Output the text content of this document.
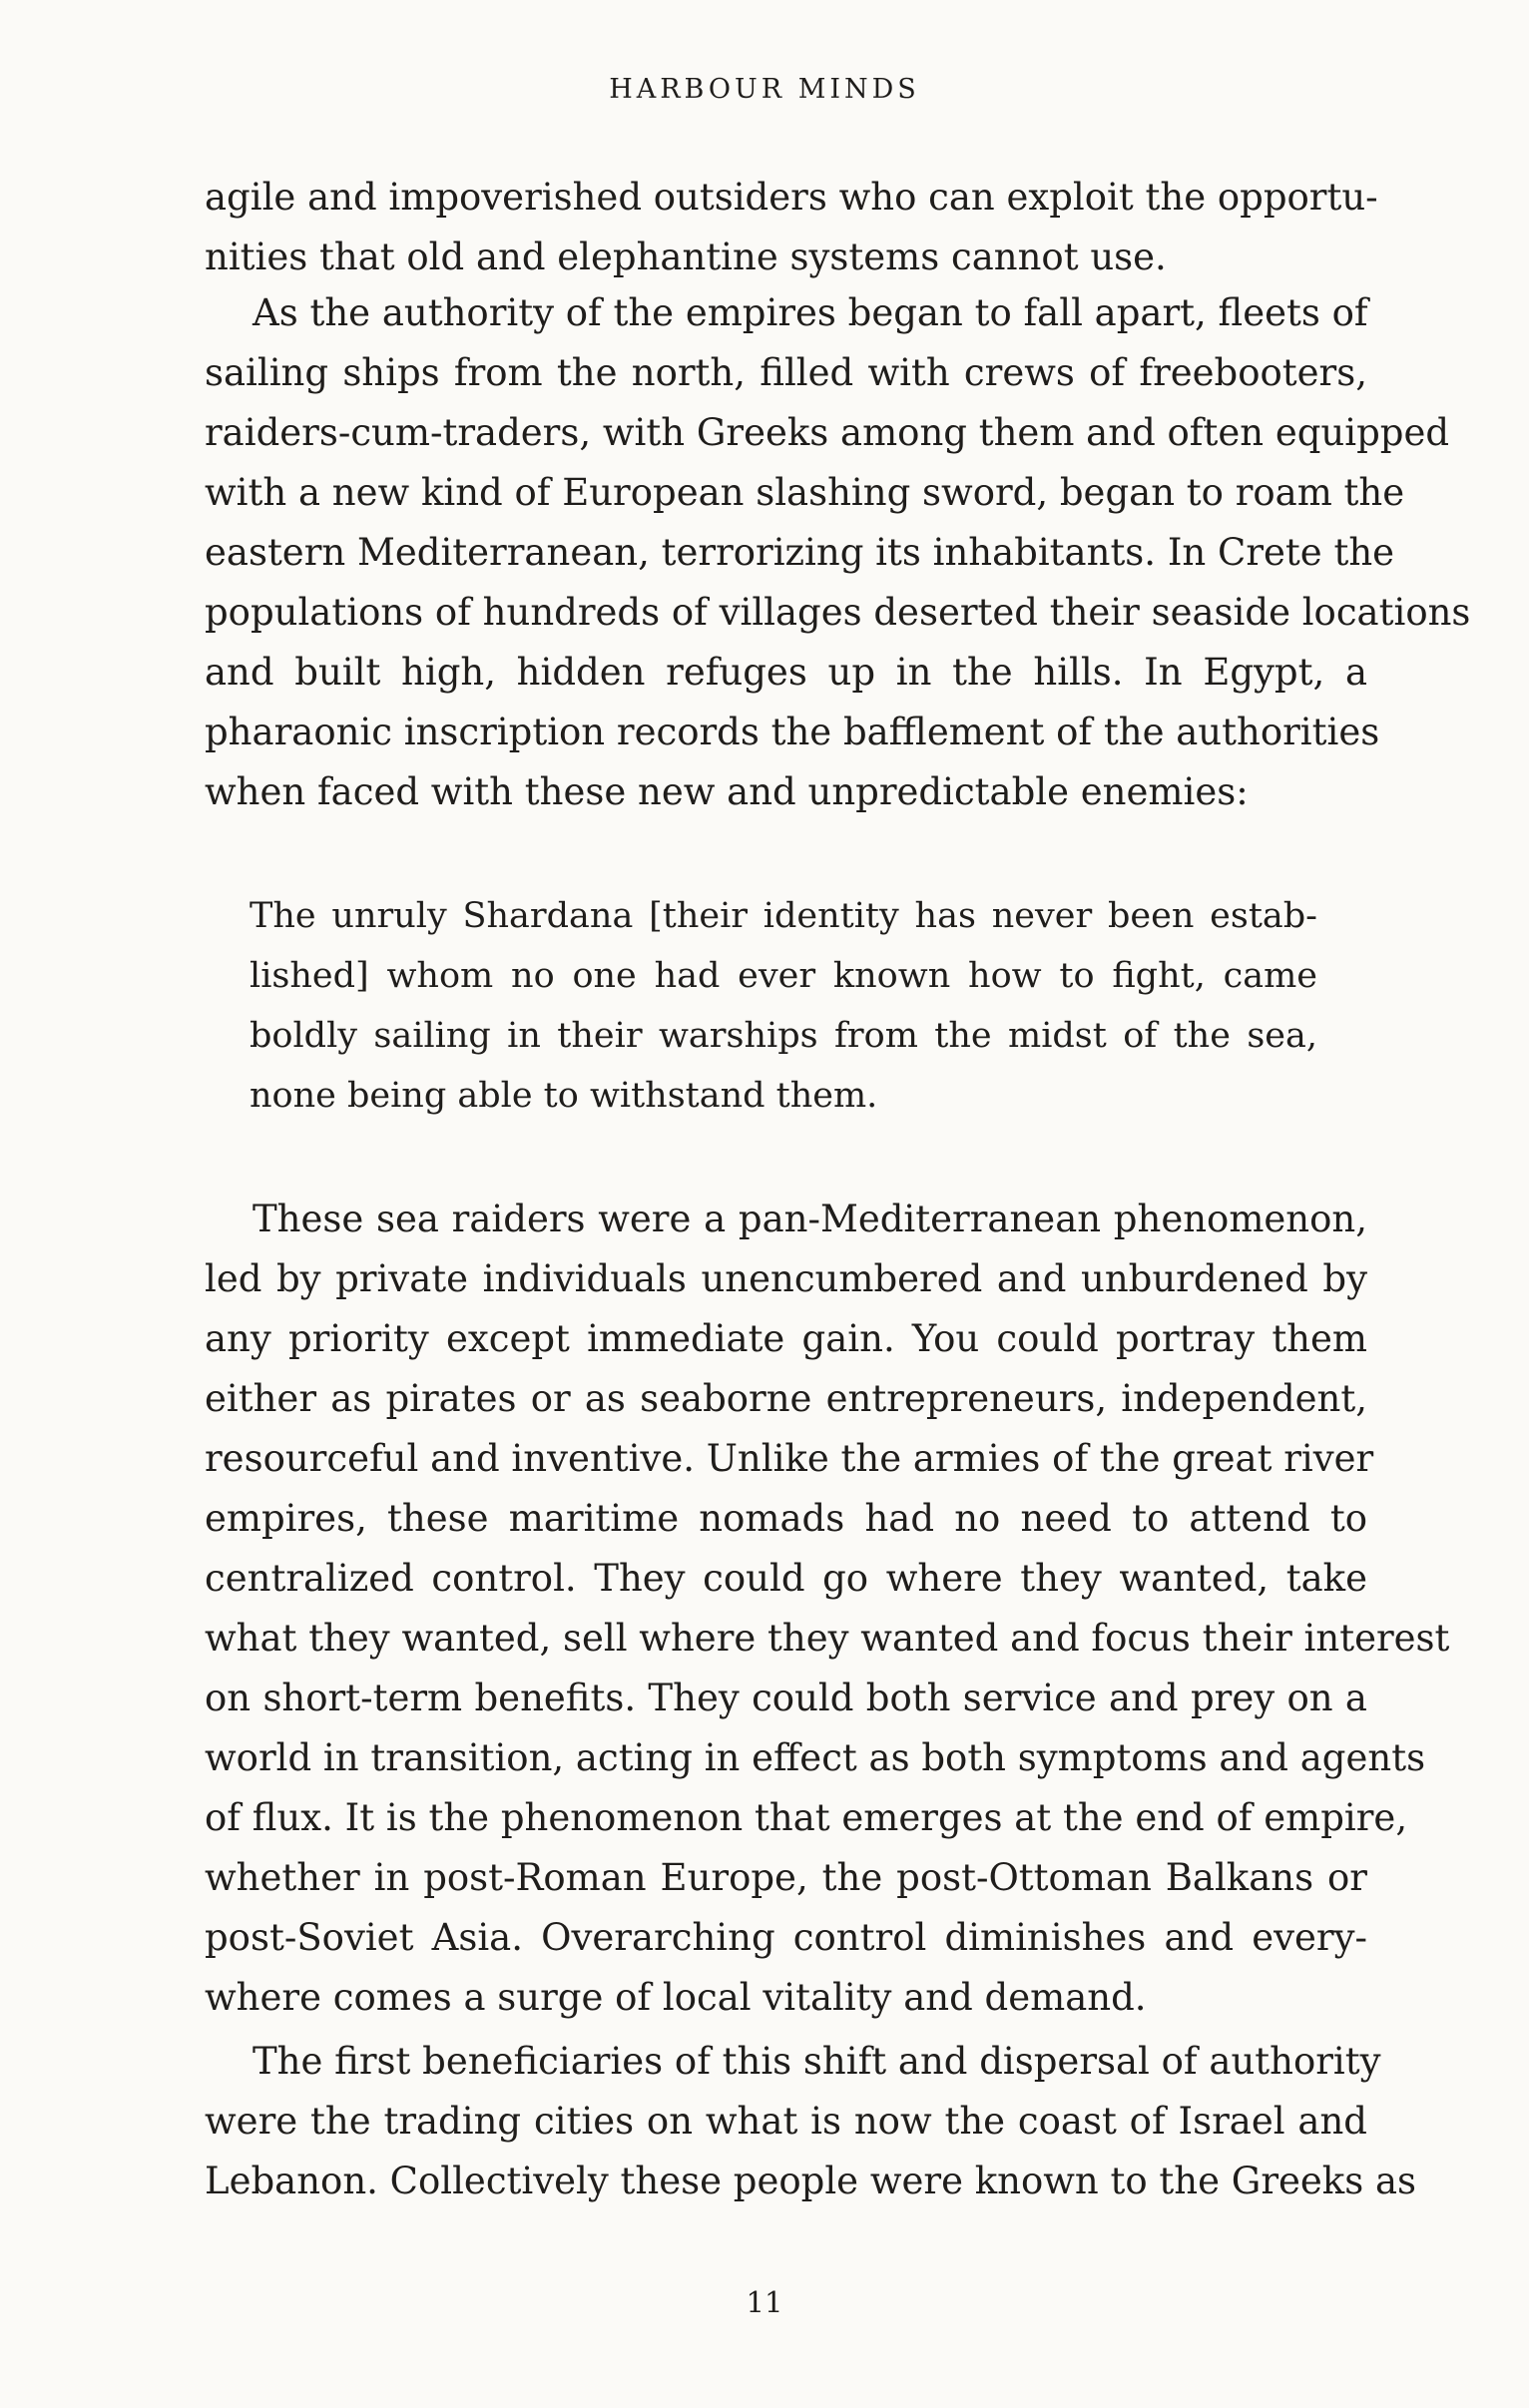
HARBOUR MINDS
agile and impoverished outsiders who can exploit the opportu-
nities that old and elephantine systems cannot use.
As the authority of the empires began to fall apart, fleets of
sailing ships from the north, filled with crews of freebooters,
raiders-cum-traders, with Greeks among them and often equipped
with a new kind of European slashing sword, began to roam the
eastern Mediterranean, terrorizing its inhabitants. In Crete the
populations of hundreds of villages deserted their seaside locations
and built high, hidden refuges up in the hills. In Egypt, a
pharaonic inscription records the bafflement of the authorities
when faced with these new and unpredictable enemies:
The unruly Shardana [their identity has never been estab-
lished] whom no one had ever known how to fight, came
boldly sailing in their warships from the midst of the sea,
none being able to withstand them.
These sea raiders were a pan-Mediterranean phenomenon,
led by private individuals unencumbered and unburdened by
any priority except immediate gain. You could portray them
either as pirates or as seaborne entrepreneurs, independent,
resourceful and inventive. Unlike the armies of the great river
empires, these maritime nomads had no need to attend to
centralized control. They could go where they wanted, take
what they wanted, sell where they wanted and focus their interest
on short-term benefits. They could both service and prey on a
world in transition, acting in effect as both symptoms and agents
of flux. It is the phenomenon that emerges at the end of empire,
whether in post-Roman Europe, the post-Ottoman Balkans or
post-Soviet Asia. Overarching control diminishes and every-
where comes a surge of local vitality and demand.
The first beneficiaries of this shift and dispersal of authority
were the trading cities on what is now the coast of Israel and
Lebanon. Collectively these people were known to the Greeks as
11
